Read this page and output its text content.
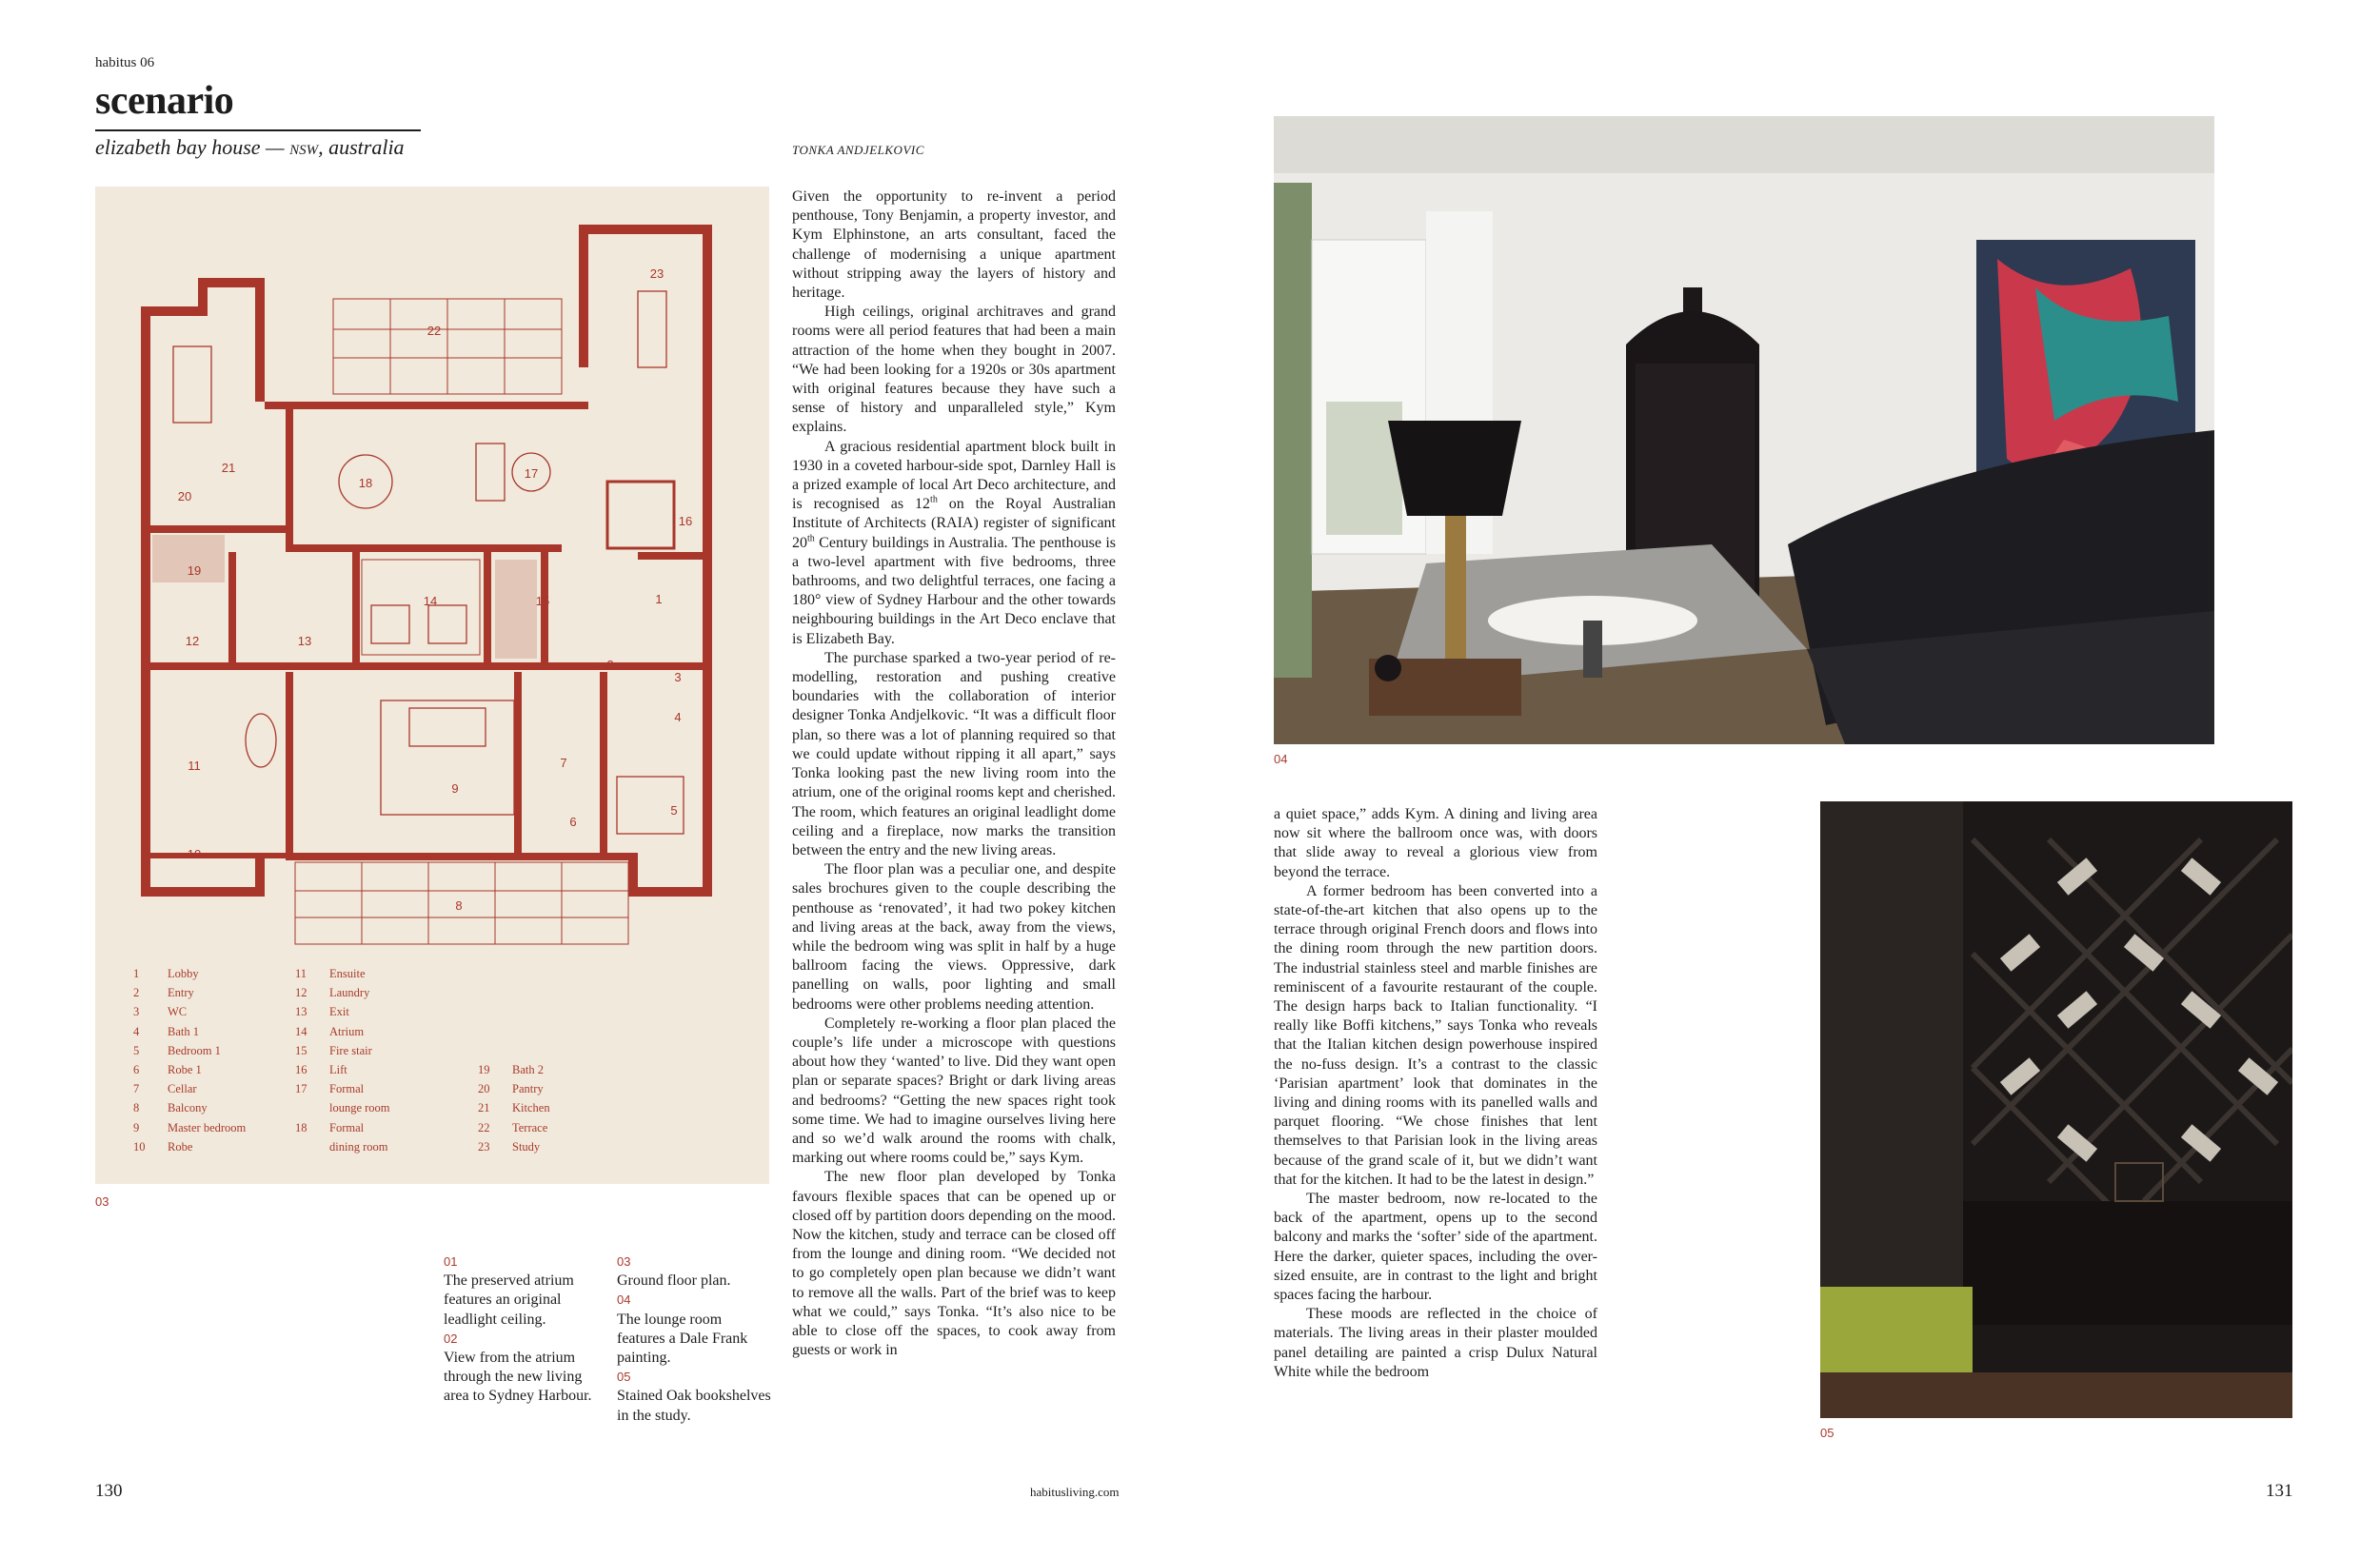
habitus 06
scenario
elizabeth bay house — nsw, australia	TONKA ANDJELKOVIC
1
2
3
4
5
6
7
8
9
10
11
12	13
14	15
16
17
18
19
20
21
22
23
1 Lobby
2 Entry
3 WC
4 Bath 1
5 Bedroom 1
6 Robe 1
7 Cellar
8 Balcony
9 Master bedroom
10 Robe
11 Ensuite
12 Laundry
13 Exit
14 Atrium
15 Fire stair
16 Lift
17 Formal
lounge room
18 Formal
dining room
19 Bath 2
20 Pantry
21 Kitchen
22 Terrace
23 Study
03
01
The preserved atrium features an original leadlight ceiling.
02
View from the atrium through the new living area to Sydney Harbour.
03
Ground floor plan.
04
The lounge room features a Dale Frank painting.
05
Stained Oak bookshelves in the study.

Given the opportunity to re-invent a period penthouse, Tony Benjamin, a property investor, and Kym Elphinstone, an arts consultant, faced the challenge of modernising a unique apartment without stripping away the layers of history and heritage.

High ceilings, original architraves and grand rooms were all period features that had been a main attraction of the home when they bought in 2007. “We had been looking for a 1920s or 30s apartment with original features because they have such a sense of history and unparalleled style,” Kym explains.

A gracious residential apartment block built in 1930 in a coveted harbour-side spot, Darnley Hall is a prized example of local Art Deco architecture, and is recognised as 12th on the Royal Australian Institute of Architects (RAIA) register of significant 20th Century buildings in Australia. The penthouse is a two-level apartment with five bedrooms, three bathrooms, and two delightful terraces, one facing a 180° view of Sydney Harbour and the other towards neighbouring buildings in the Art Deco enclave that is Elizabeth Bay.

The purchase sparked a two-year period of re-modelling, restoration and pushing creative boundaries with the collaboration of interior designer Tonka Andjelkovic. “It was a difficult floor plan, so there was a lot of planning required so that we could update without ripping it all apart,” says Tonka looking past the new living room into the atrium, one of the original rooms kept and cherished. The room, which features an original leadlight dome ceiling and a fireplace, now marks the transition between the entry and the new living areas.

The floor plan was a peculiar one, and despite sales brochures given to the couple describing the penthouse as ‘renovated’, it had two pokey kitchen and living areas at the back, away from the views, while the bedroom wing was split in half by a huge ballroom facing the views. Oppressive, dark panelling on walls, poor lighting and small bedrooms were other problems needing attention.

Completely re-working a floor plan placed the couple’s life under a microscope with questions about how they ‘wanted’ to live. Did they want open plan or separate spaces? Bright or dark living areas and bedrooms? “Getting the new spaces right took some time. We had to imagine ourselves living here and so we’d walk around the rooms with chalk, marking out where rooms could be,” says Kym.

The new floor plan developed by Tonka favours flexible spaces that can be opened up or closed off by partition doors depending on the mood. Now the kitchen, study and terrace can be closed off from the lounge and dining room. “We decided not to go completely open plan because we didn’t want to remove all the walls. Part of the brief was to keep what we could,” says Tonka. “It’s also nice to be able to close off the spaces, to cook away from guests or work in

04

a quiet space,” adds Kym. A dining and living area now sit where the ballroom once was, with doors that slide away to reveal a glorious view from beyond the terrace.

A former bedroom has been converted into a state-of-the-art kitchen that also opens up to the terrace through original French doors and flows into the dining room through the new partition doors. The industrial stainless steel and marble finishes are reminiscent of a favourite restaurant of the couple. The design harps back to Italian functionality. “I really like Boffi kitchens,” says Tonka who reveals that the Italian kitchen design powerhouse inspired the no-fuss design. It’s a contrast to the classic ‘Parisian apartment’ look that dominates in the living and dining rooms with its panelled walls and parquet flooring. “We chose finishes that lent themselves to that Parisian look in the living areas because of the grand scale of it, but we didn’t want that for the kitchen. It had to be the latest in design.”

The master bedroom, now re-located to the back of the apartment, opens up to the second balcony and marks the ‘softer’ side of the apartment. Here the darker, quieter spaces, including the over-sized ensuite, are in contrast to the light and bright spaces facing the harbour.

These moods are reflected in the choice of materials. The living areas in their plaster moulded panel detailing are painted a crisp Dulux Natural White while the bedroom

05
130	habitusliving.com	131
